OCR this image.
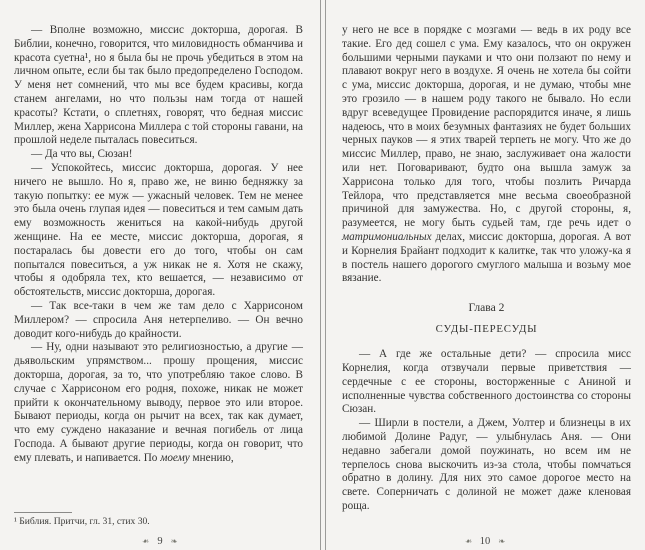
— Вполне возможно, миссис докторша, дорогая. В Библии, конечно, говорится, что миловидность обманчива и красота суетна¹, но я была бы не прочь убедиться в этом на личном опыте, если бы так было предопределено Господом. У меня нет сомнений, что мы все будем красивы, когда станем ангелами, но что пользы нам тогда от нашей красоты? Кстати, о сплетнях, говорят, что бедная миссис Миллер, жена Харрисона Миллера с той стороны гавани, на прошлой неделе пыталась повеситься.

— Да что вы, Сюзан!

— Успокойтесь, миссис докторша, дорогая. У нее ничего не вышло. Но я, право же, не виню бедняжку за такую попытку: ее муж — ужасный человек. Тем не менее это была очень глупая идея — повеситься и тем самым дать ему возможность жениться на какой-нибудь другой женщине. На ее месте, миссис докторша, дорогая, я постаралась бы довести его до того, чтобы он сам попытался повеситься, а уж никак не я. Хотя не скажу, чтобы я одобряла тех, кто вешается, — независимо от обстоятельств, миссис докторша, дорогая.

— Так все-таки в чем же там дело с Харрисоном Миллером? — спросила Аня нетерпеливо. — Он вечно доводит кого-нибудь до крайности.

— Ну, одни называют это религиозностью, а другие — дьявольским упрямством... прошу прощения, миссис докторша, дорогая, за то, что употребляю такое слово. В случае с Харрисоном его родня, похоже, никак не может прийти к окончательному выводу, первое это или второе. Бывают периоды, когда он рычит на всех, так как думает, что ему суждено наказание и вечная погибель от лица Господа. А бывают другие периоды, когда он говорит, что ему плевать, и напивается. По моему мнению,

¹ Библия. Притчи, гл. 31, стих 30.
❧ 9 ❧

у него не все в порядке с мозгами — ведь в их роду все такие. Его дед сошел с ума. Ему казалось, что он окружен большими черными пауками и что они ползают по нему и плавают вокруг него в воздухе. Я очень не хотела бы сойти с ума, миссис докторша, дорогая, и не думаю, чтобы мне это грозило — в нашем роду такого не бывало. Но если вдруг всеведущее Провидение распорядится иначе, я лишь надеюсь, что в моих безумных фантазиях не будет больших черных пауков — я этих тварей терпеть не могу. Что же до миссис Миллер, право, не знаю, заслуживает она жалости или нет. Поговаривают, будто она вышла замуж за Харрисона только для того, чтобы позлить Ричарда Тейлора, что представляется мне весьма своеобразной причиной для замужества. Но, с другой стороны, я, разумеется, не могу быть судьей там, где речь идет о матримониальных делах, миссис докторша, дорогая. А вот и Корнелия Брайант подходит к калитке, так что уложу-ка я в постель нашего дорогого смуглого малыша и возьму мое вязание.

Глава 2
СУДЫ-ПЕРЕСУДЫ

— А где же остальные дети? — спросила мисс Корнелия, когда отзвучали первые приветствия — сердечные с ее стороны, восторженные с Аниной и исполненные чувства собственного достоинства со стороны Сюзан.

— Ширли в постели, а Джем, Уолтер и близнецы в их любимой Долине Радуг, — улыбнулась Аня. — Они недавно забегали домой поужинать, но всем им не терпелось снова выскочить из-за стола, чтобы помчаться обратно в долину. Для них это самое дорогое место на свете. Соперничать с долиной не может даже кленовая роща.

❧ 10 ❧
